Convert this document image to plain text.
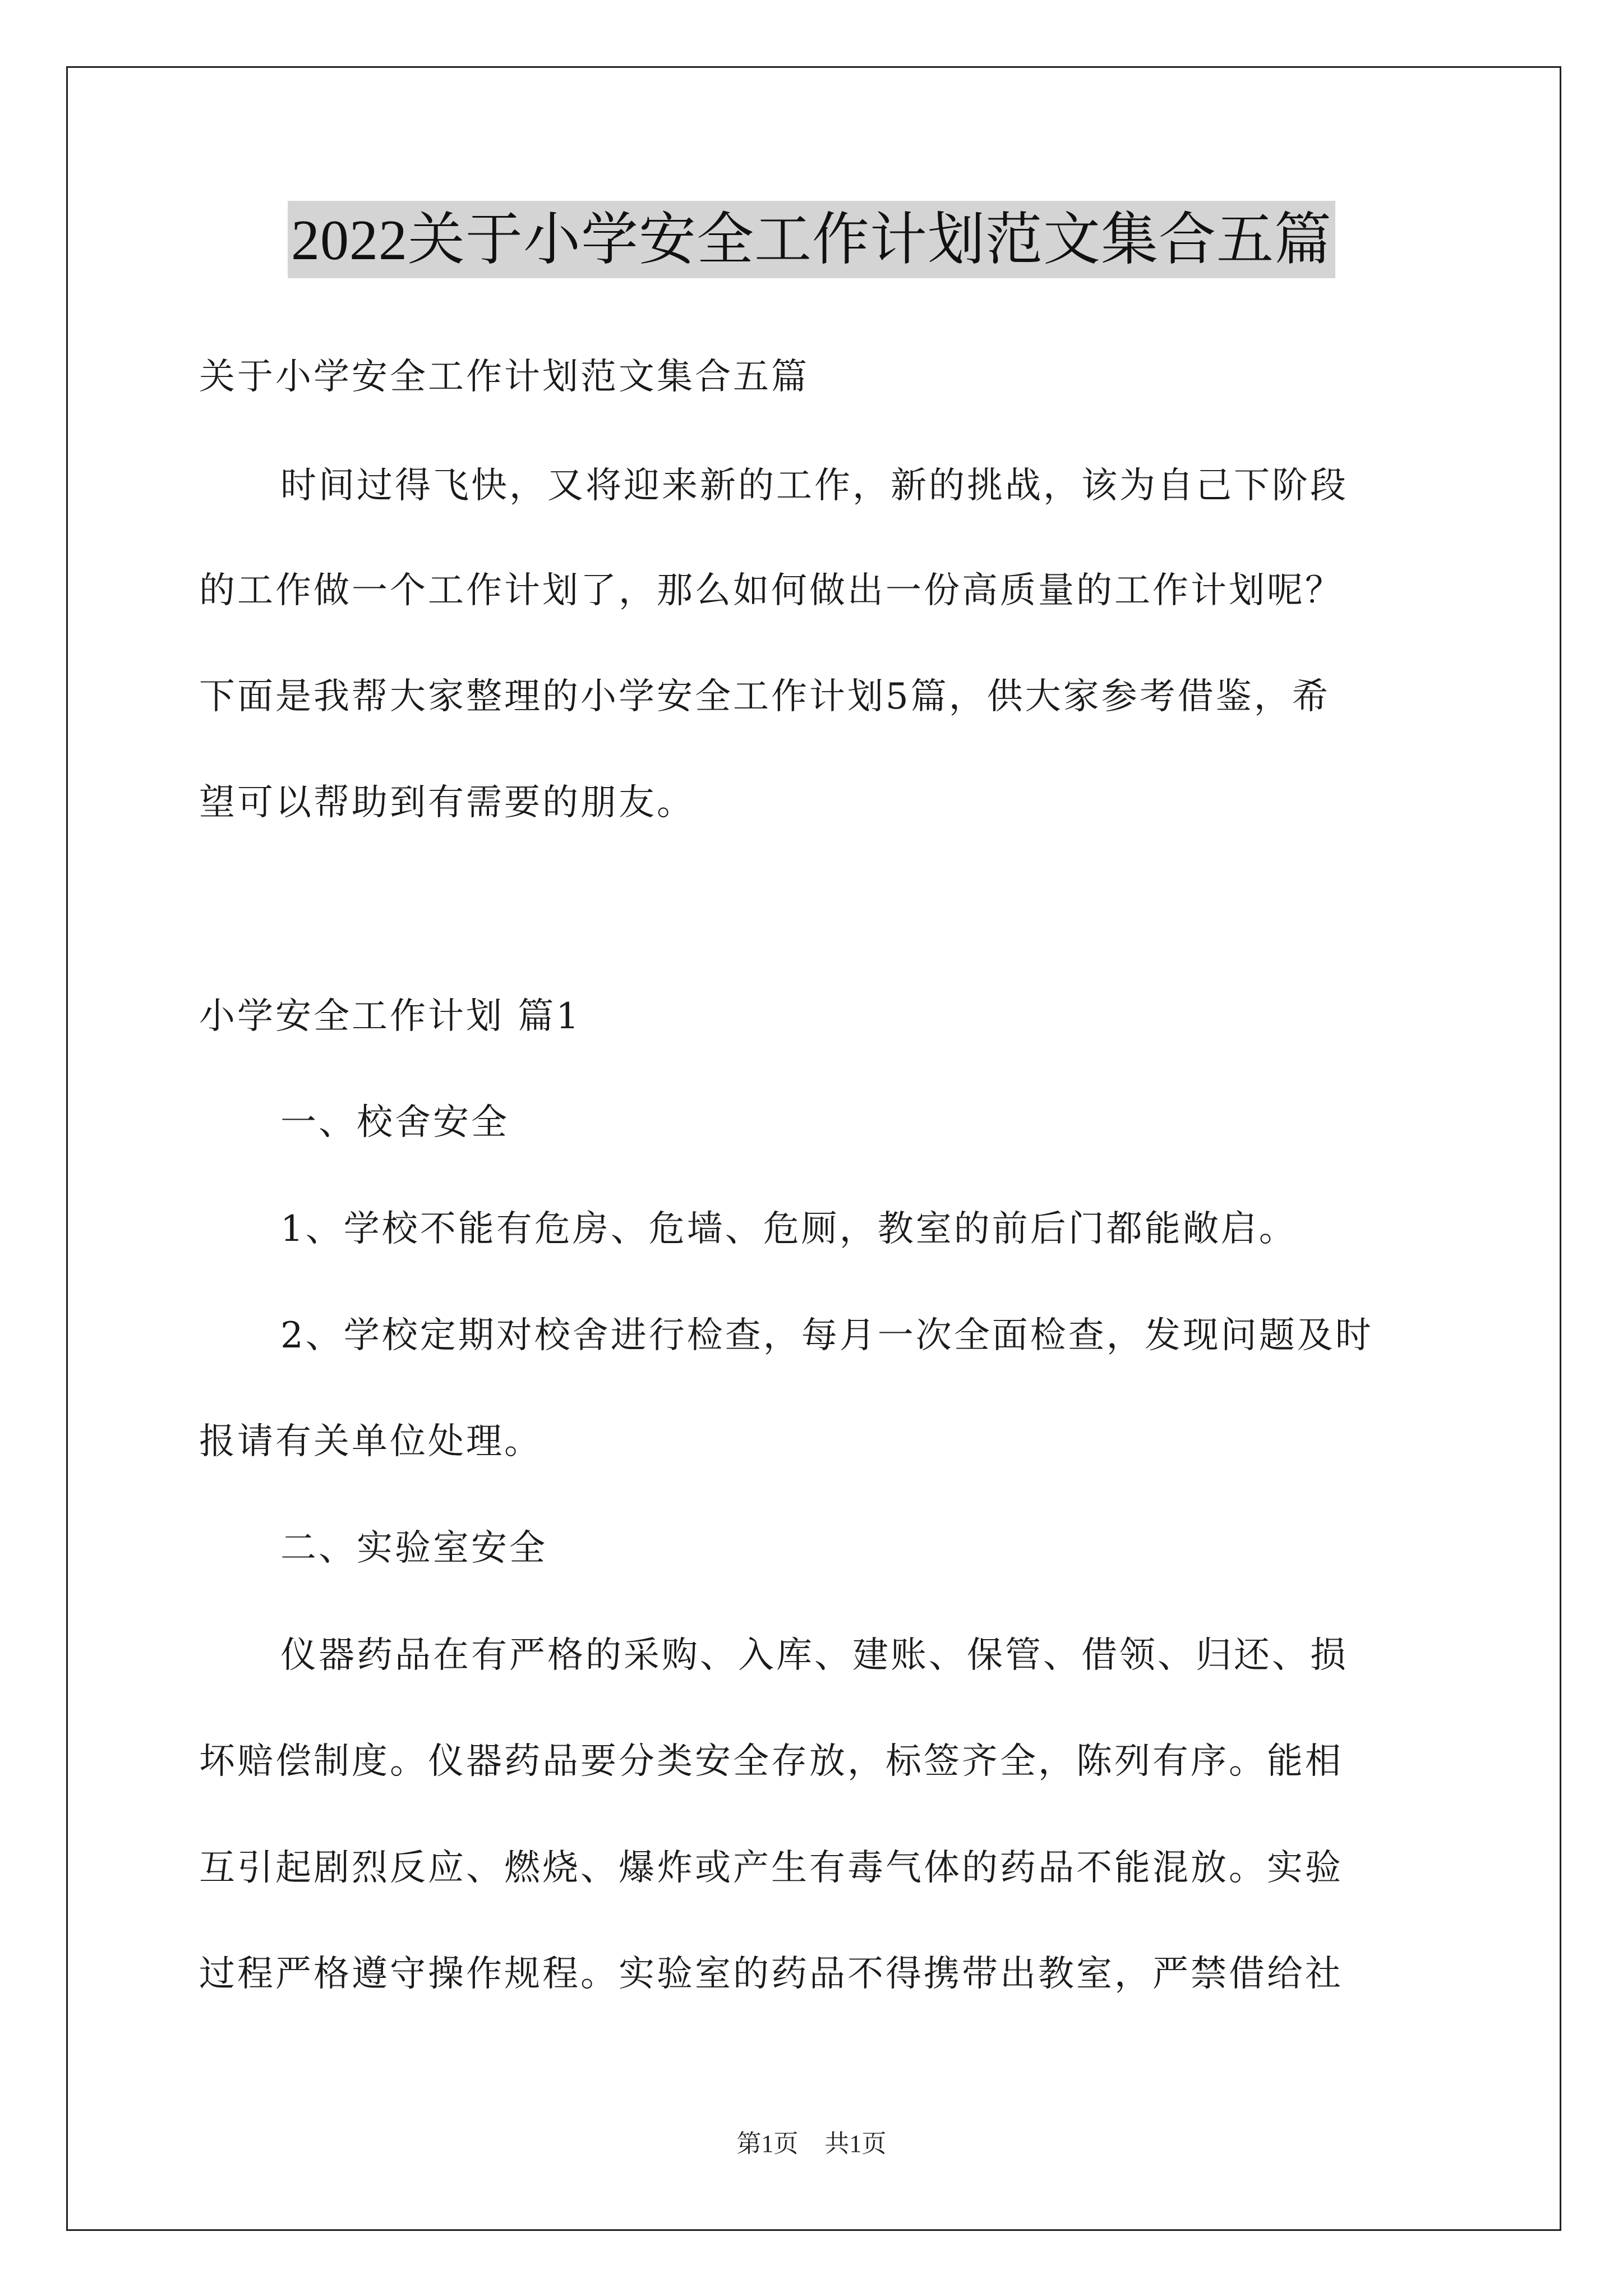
2022关于小学安全工作计划范文集合五篇
关于小学安全工作计划范文集合五篇
时间过得飞快，又将迎来新的工作，新的挑战，该为自己下阶段
的工作做一个工作计划了，那么如何做出一份高质量的工作计划呢？
下面是我帮大家整理的小学安全工作计划5篇，供大家参考借鉴，希
望可以帮助到有需要的朋友。
小学安全工作计划 篇1
一、校舍安全
1、学校不能有危房、危墙、危厕，教室的前后门都能敞启。
2、学校定期对校舍进行检查，每月一次全面检查，发现问题及时
报请有关单位处理。
二、实验室安全
仪器药品在有严格的采购、入库、建账、保管、借领、归还、损
坏赔偿制度。仪器药品要分类安全存放，标签齐全，陈列有序。能相
互引起剧烈反应、燃烧、爆炸或产生有毒气体的药品不能混放。实验
过程严格遵守操作规程。实验室的药品不得携带出教室，严禁借给社
第1页 共1页
